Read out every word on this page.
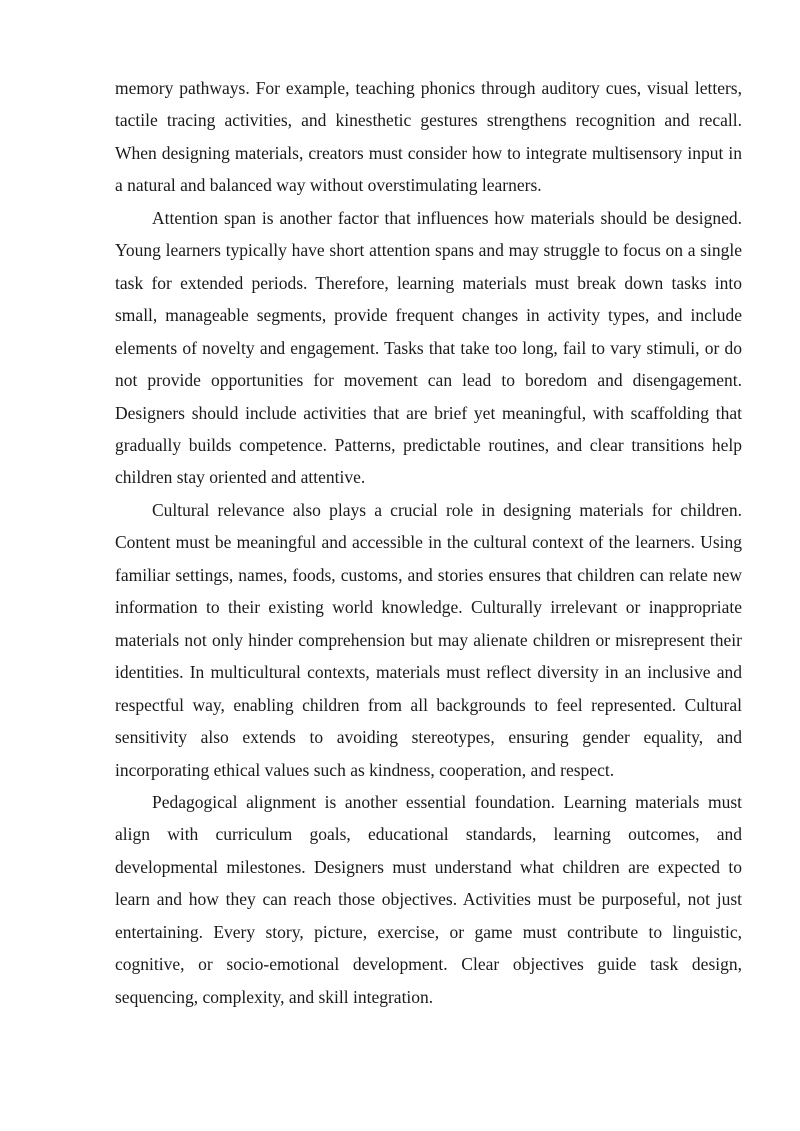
memory pathways. For example, teaching phonics through auditory cues, visual letters, tactile tracing activities, and kinesthetic gestures strengthens recognition and recall. When designing materials, creators must consider how to integrate multisensory input in a natural and balanced way without overstimulating learners.

Attention span is another factor that influences how materials should be designed. Young learners typically have short attention spans and may struggle to focus on a single task for extended periods. Therefore, learning materials must break down tasks into small, manageable segments, provide frequent changes in activity types, and include elements of novelty and engagement. Tasks that take too long, fail to vary stimuli, or do not provide opportunities for movement can lead to boredom and disengagement. Designers should include activities that are brief yet meaningful, with scaffolding that gradually builds competence. Patterns, predictable routines, and clear transitions help children stay oriented and attentive.

Cultural relevance also plays a crucial role in designing materials for children. Content must be meaningful and accessible in the cultural context of the learners. Using familiar settings, names, foods, customs, and stories ensures that children can relate new information to their existing world knowledge. Culturally irrelevant or inappropriate materials not only hinder comprehension but may alienate children or misrepresent their identities. In multicultural contexts, materials must reflect diversity in an inclusive and respectful way, enabling children from all backgrounds to feel represented. Cultural sensitivity also extends to avoiding stereotypes, ensuring gender equality, and incorporating ethical values such as kindness, cooperation, and respect.

Pedagogical alignment is another essential foundation. Learning materials must align with curriculum goals, educational standards, learning outcomes, and developmental milestones. Designers must understand what children are expected to learn and how they can reach those objectives. Activities must be purposeful, not just entertaining. Every story, picture, exercise, or game must contribute to linguistic, cognitive, or socio-emotional development. Clear objectives guide task design, sequencing, complexity, and skill integration.
